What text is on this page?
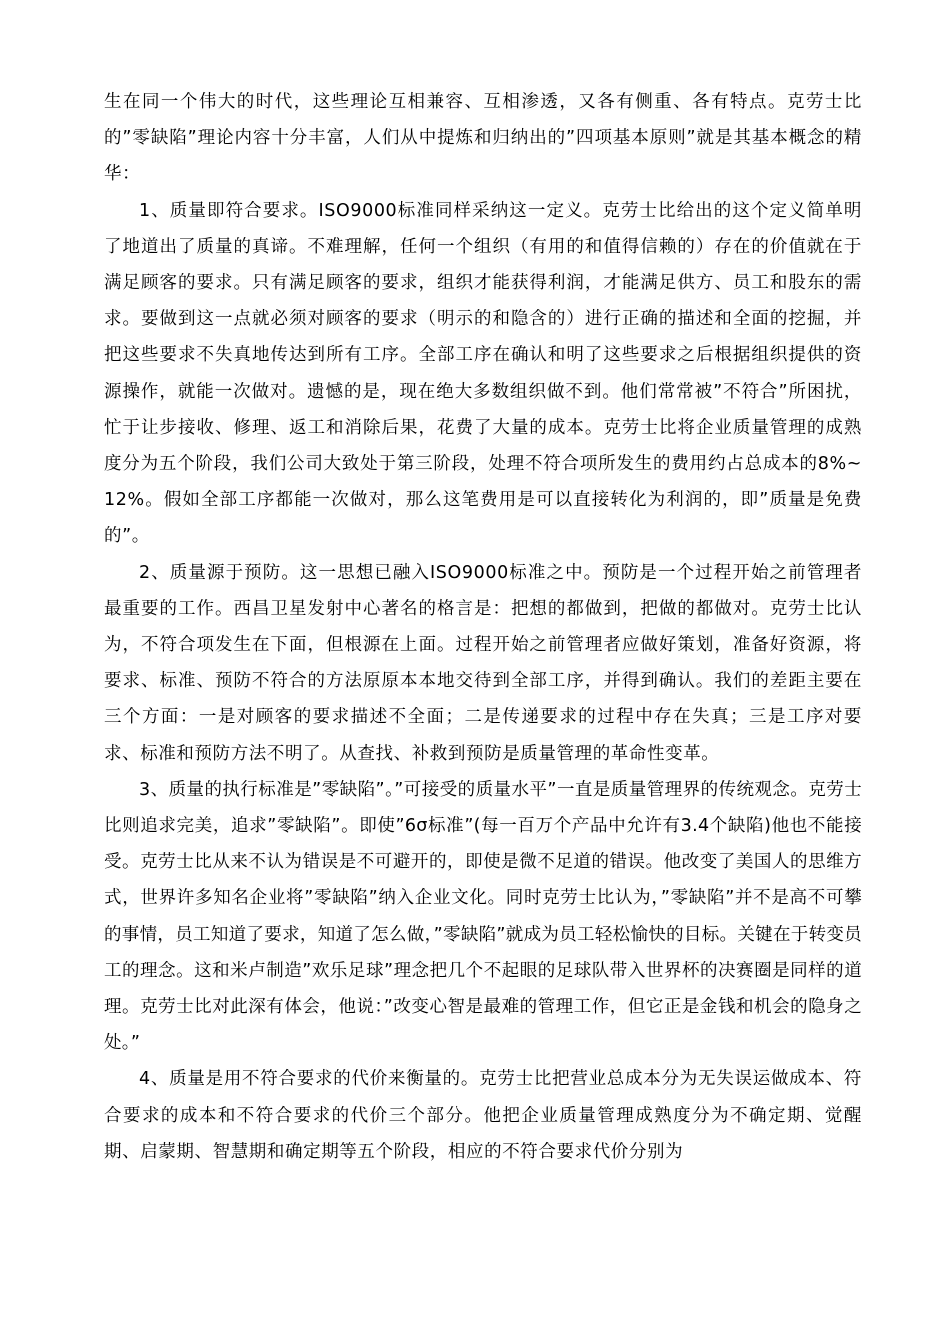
生在同一个伟大的时代，这些理论互相兼容、互相渗透，又各有侧重、各有特点。克劳士比的”零缺陷”理论内容十分丰富，人们从中提炼和归纳出的”四项基本原则”就是其基本概念的精华：

1、质量即符合要求。ISO9000标准同样采纳这一定义。克劳士比给出的这个定义简单明了地道出了质量的真谛。不难理解，任何一个组织（有用的和值得信赖的）存在的价值就在于满足顾客的要求。只有满足顾客的要求，组织才能获得利润，才能满足供方、员工和股东的需求。要做到这一点就必须对顾客的要求（明示的和隐含的）进行正确的描述和全面的挖掘，并把这些要求不失真地传达到所有工序。全部工序在确认和明了这些要求之后根据组织提供的资源操作，就能一次做对。遗憾的是，现在绝大多数组织做不到。他们常常被”不符合”所困扰，忙于让步接收、修理、返工和消除后果，花费了大量的成本。克劳士比将企业质量管理的成熟度分为五个阶段，我们公司大致处于第三阶段，处理不符合项所发生的费用约占总成本的8%~12%。假如全部工序都能一次做对，那么这笔费用是可以直接转化为利润的，即”质量是免费的”。

2、质量源于预防。这一思想已融入ISO9000标准之中。预防是一个过程开始之前管理者最重要的工作。西昌卫星发射中心著名的格言是：把想的都做到，把做的都做对。克劳士比认为，不符合项发生在下面，但根源在上面。过程开始之前管理者应做好策划，准备好资源，将要求、标准、预防不符合的方法原原本本地交待到全部工序，并得到确认。我们的差距主要在三个方面：一是对顾客的要求描述不全面；二是传递要求的过程中存在失真；三是工序对要求、标准和预防方法不明了。从查找、补救到预防是质量管理的革命性变革。

3、质量的执行标准是”零缺陷”。”可接受的质量水平”一直是质量管理界的传统观念。克劳士比则追求完美，追求”零缺陷”。即使”6σ标准”(每一百万个产品中允许有3.4个缺陷)他也不能接受。克劳士比从来不认为错误是不可避开的，即使是微不足道的错误。他改变了美国人的思维方式，世界许多知名企业将”零缺陷”纳入企业文化。同时克劳士比认为，”零缺陷”并不是高不可攀的事情，员工知道了要求，知道了怎么做，”零缺陷”就成为员工轻松愉快的目标。关键在于转变员工的理念。这和米卢制造”欢乐足球”理念把几个不起眼的足球队带入世界杯的决赛圈是同样的道理。克劳士比对此深有体会，他说：”改变心智是最难的管理工作，但它正是金钱和机会的隐身之处。”

4、质量是用不符合要求的代价来衡量的。克劳士比把营业总成本分为无失误运做成本、符合要求的成本和不符合要求的代价三个部分。他把企业质量管理成熟度分为不确定期、觉醒期、启蒙期、智慧期和确定期等五个阶段，相应的不符合要求代价分别为
